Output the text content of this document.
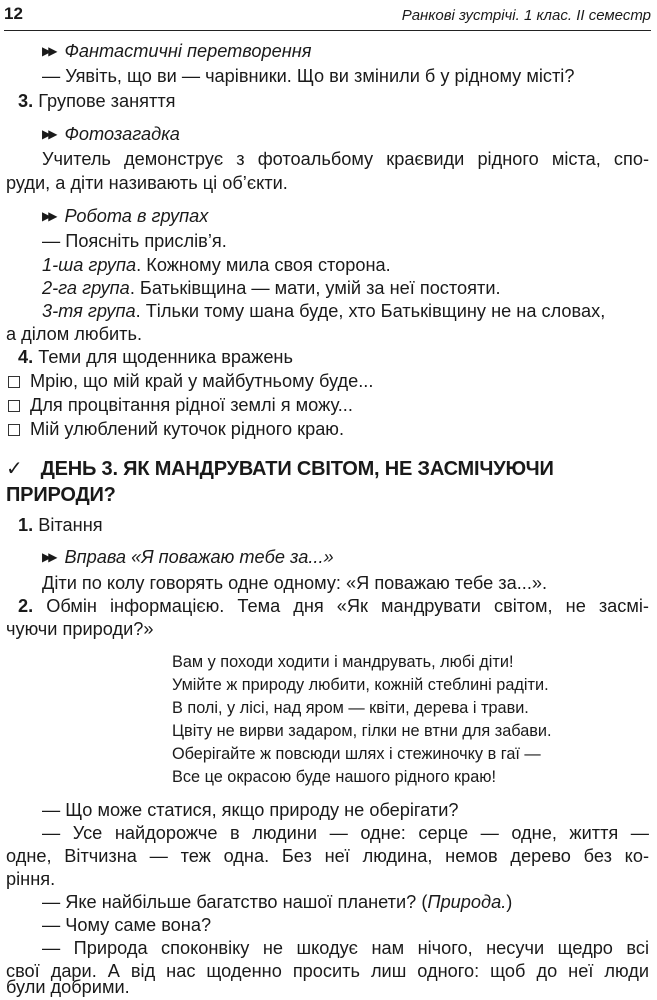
12	Ранкові зустрічі. 1 клас. ІІ семестр
▶▶ Фантастичні перетворення
— Уявіть, що ви — чарівники. Що ви змінили б у рідному місті?
3. Групове заняття
▶▶ Фотозагадка
Учитель демонструє з фотоальбому краєвиди рідного міста, спо-
руди, а діти називають ці об’єкти.
▶▶ Робота в групах
— Поясніть прислів’я.
1-ша група. Кожному мила своя сторона.
2-га група. Батьківщина — мати, умій за неї постояти.
3-тя група. Тільки тому шана буде, хто Батьківщину не на словах,
а ділом любить.
4. Теми для щоденника вражень
Мрію, що мій край у майбутньому буде...
Для процвітання рідної землі я можу...
Мій улюблений куточок рідного краю.
✓ ДЕНЬ 3. ЯК МАНДРУВАТИ СВІТОМ, НЕ ЗАСМІЧУЮЧИ
ПРИРОДИ?
1. Вітання
▶▶ Вправа «Я поважаю тебе за...»
Діти по колу говорять одне одному: «Я поважаю тебе за...».
2. Обмін інформацією. Тема дня «Як мандрувати світом, не засмі-
чуючи природи?»
Вам у походи ходити і мандрувать, любі діти!
Умійте ж природу любити, кожній стеблині радіти.
В полі, у лісі, над яром — квіти, дерева і трави.
Цвіту не вирви задаром, гілки не втни для забави.
Оберігайте ж повсюди шлях і стежиночку в гаї —
Все це окрасою буде нашого рідного краю!
— Що може статися, якщо природу не оберігати?
— Усе найдорожче в людини — одне: серце — одне, життя —
одне, Вітчизна — теж одна. Без неї людина, немов дерево без ко-
ріння.
— Яке найбільше багатство нашої планети? (Природа.)
— Чому саме вона?
— Природа споконвіку не шкодує нам нічого, несучи щедро всі
свої дари. А від нас щоденно просить лиш одного: щоб до неї люди
були добрими.
